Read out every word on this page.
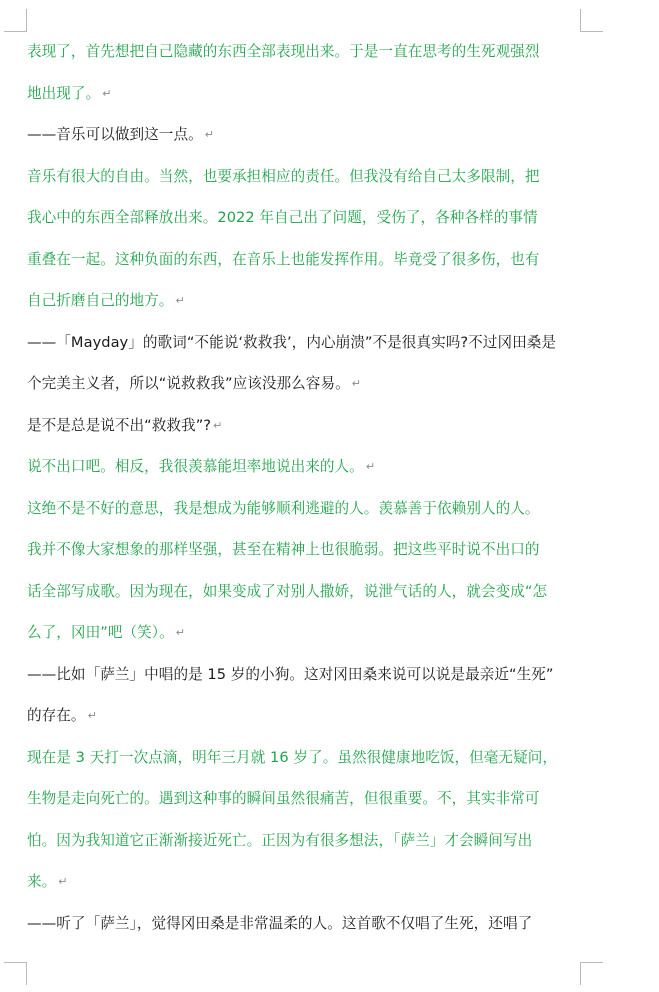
表现了，首先想把自己隐藏的东西全部表现出来。于是一直在思考的生死观强烈
地出现了。 ↵
——音乐可以做到这一点。 ↵
音乐有很大的自由。当然，也要承担相应的责任。但我没有给自己太多限制，把
我心中的东西全部释放出来。2022 年自己出了问题，受伤了，各种各样的事情
重叠在一起。这种负面的东西，在音乐上也能发挥作用。毕竟受了很多伤，也有
自己折磨自己的地方。 ↵
——「Mayday」的歌词“不能说‘救救我’，内心崩溃”不是很真实吗?不过冈田桑是
个完美主义者，所以“说救救我”应该没那么容易。 ↵
是不是总是说不出“救救我”? ↵
说不出口吧。相反，我很羡慕能坦率地说出来的人。 ↵
这绝不是不好的意思，我是想成为能够顺利逃避的人。羡慕善于依赖别人的人。
我并不像大家想象的那样坚强，甚至在精神上也很脆弱。把这些平时说不出口的
话全部写成歌。因为现在，如果变成了对别人撒娇，说泄气话的人，就会变成“怎
么了，冈田”吧（笑）。 ↵
——比如「萨兰」中唱的是 15 岁的小狗。这对冈田桑来说可以说是最亲近“生死”
的存在。 ↵
现在是 3 天打一次点滴，明年三月就 16 岁了。虽然很健康地吃饭，但毫无疑问，
生物是走向死亡的。遇到这种事的瞬间虽然很痛苦，但很重要。不，其实非常可
怕。因为我知道它正渐渐接近死亡。正因为有很多想法，「萨兰」才会瞬间写出
来。 ↵
——听了「萨兰」，觉得冈田桑是非常温柔的人。这首歌不仅唱了生死，还唱了
